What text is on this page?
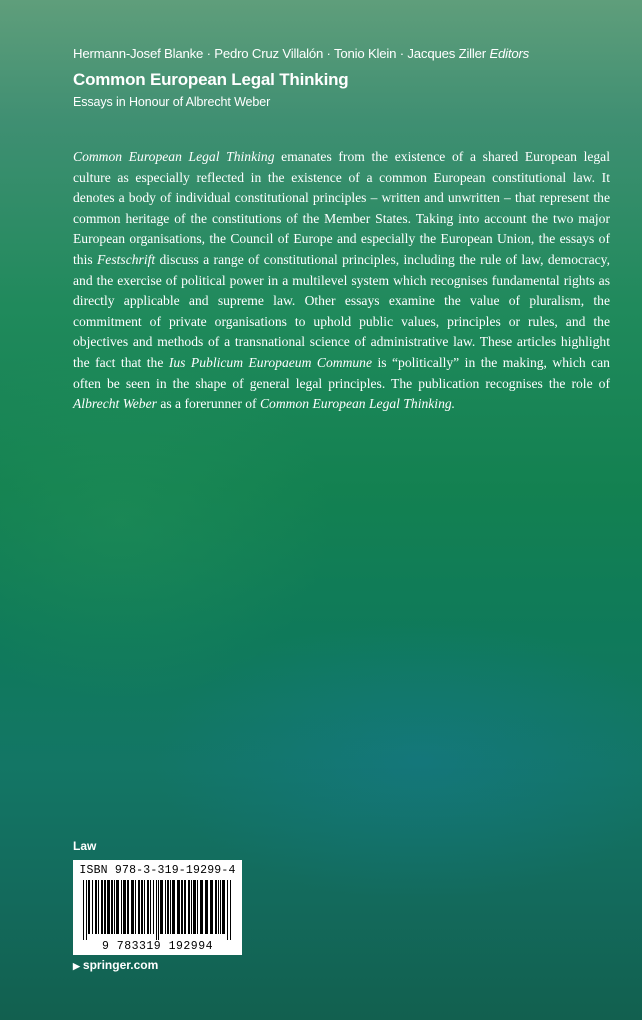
Hermann-Josef Blanke · Pedro Cruz Villalón · Tonio Klein · Jacques Ziller Editors
Common European Legal Thinking
Essays in Honour of Albrecht Weber

Common European Legal Thinking emanates from the existence of a shared European legal culture as especially reflected in the existence of a common European constitutional law. It denotes a body of individual constitutional principles – written and unwritten – that represent the common heritage of the constitutions of the Member States. Taking into account the two major European organisations, the Council of Europe and especially the European Union, the essays of this Festschrift discuss a range of constitutional principles, including the rule of law, democracy, and the exercise of political power in a multilevel system which recognises fundamental rights as directly applicable and supreme law. Other essays examine the value of pluralism, the commitment of private organisations to uphold public values, principles or rules, and the objectives and methods of a transnational science of administrative law. These articles highlight the fact that the Ius Publicum Europaeum Commune is “politically” in the making, which can often be seen in the shape of general legal principles. The publication recognises the role of Albrecht Weber as a forerunner of Common European Legal Thinking.

Law
ISBN 978-3-319-19299-4
9 783319 192994
▶ springer.com
